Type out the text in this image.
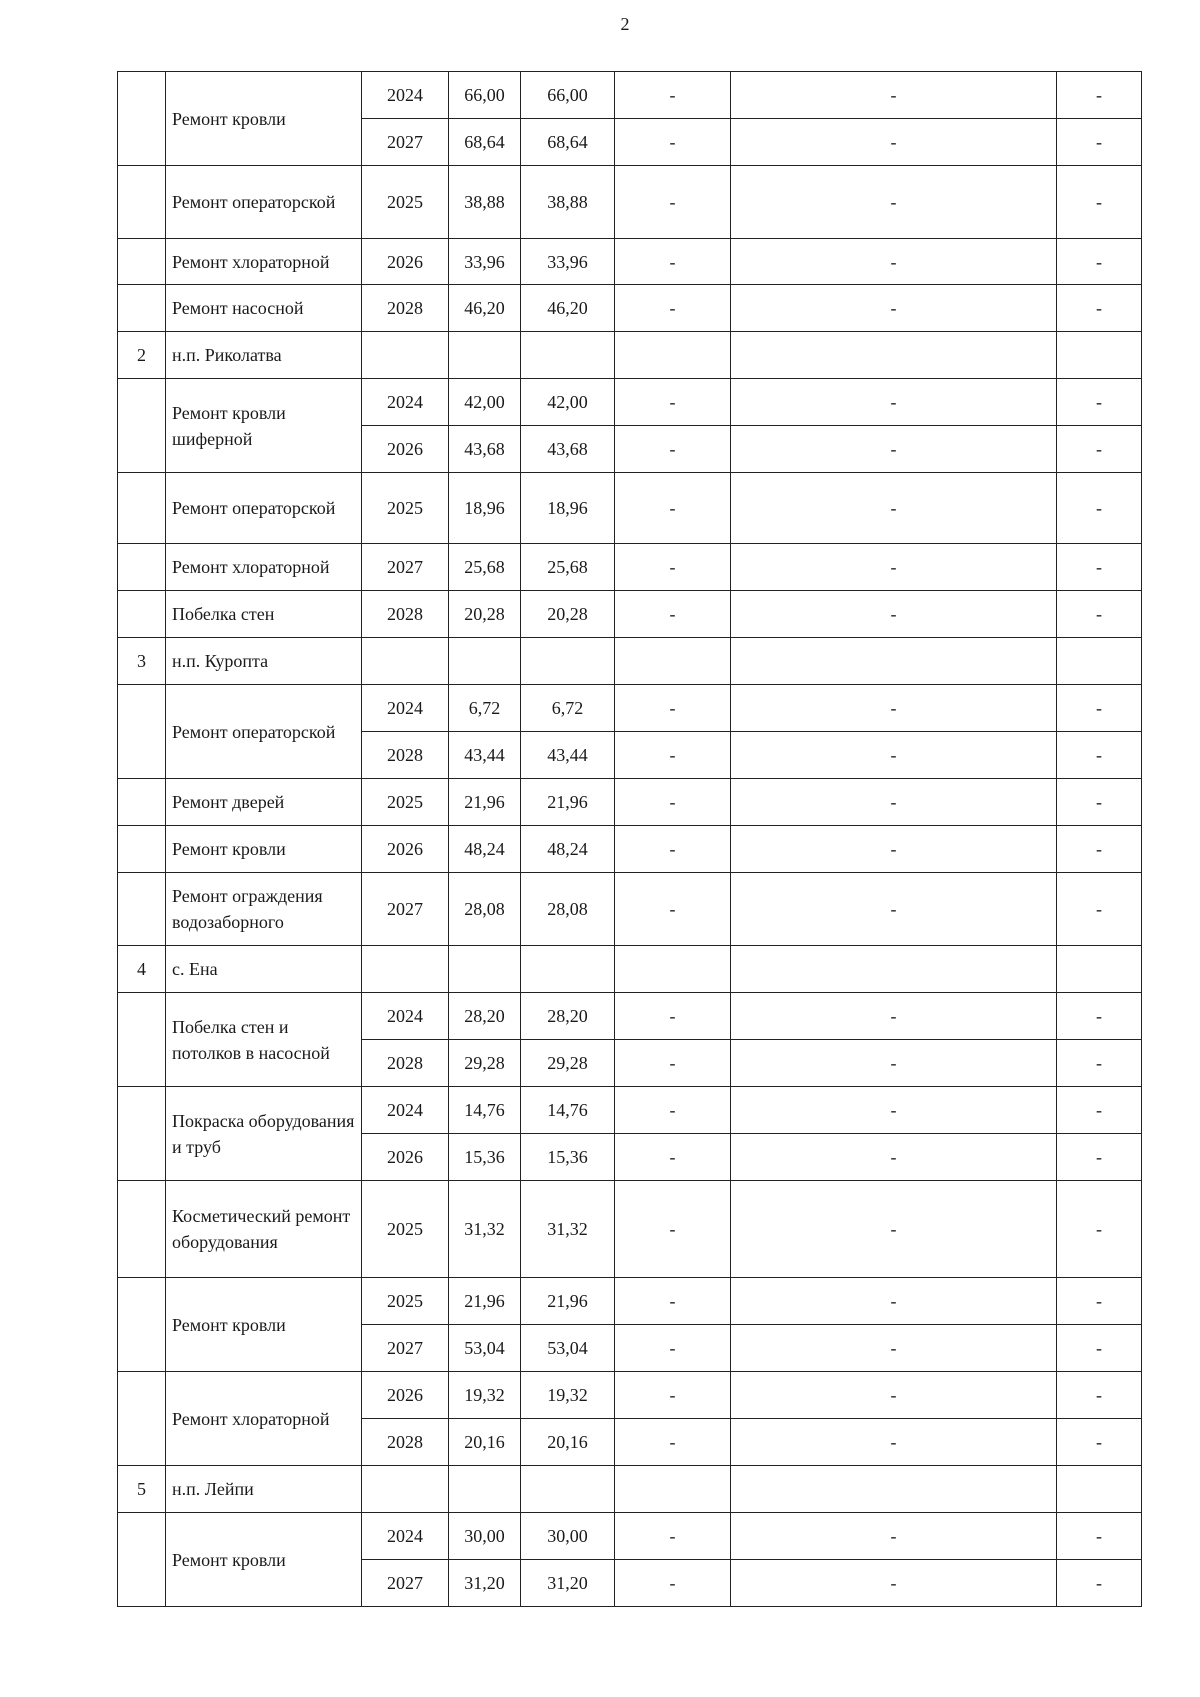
2
	Ремонт кровли	2024	66,00	66,00	-	-	-
		2027	68,64	68,64	-	-	-
	Ремонт операторской	2025	38,88	38,88	-	-	-
	Ремонт хлораторной	2026	33,96	33,96	-	-	-
	Ремонт насосной	2028	46,20	46,20	-	-	-
2	н.п. Риколатва						
	Ремонт кровли шиферной	2024	42,00	42,00	-	-	-
		2026	43,68	43,68	-	-	-
	Ремонт операторской	2025	18,96	18,96	-	-	-
	Ремонт хлораторной	2027	25,68	25,68	-	-	-
	Побелка стен	2028	20,28	20,28	-	-	-
3	н.п. Куропта						
	Ремонт операторской	2024	6,72	6,72	-	-	-
		2028	43,44	43,44	-	-	-
	Ремонт дверей	2025	21,96	21,96	-	-	-
	Ремонт кровли	2026	48,24	48,24	-	-	-
	Ремонт ограждения водозаборного	2027	28,08	28,08	-	-	-
4	с. Ена						
	Побелка стен и потолков в насосной	2024	28,20	28,20	-	-	-
		2028	29,28	29,28	-	-	-
	Покраска оборудования и труб	2024	14,76	14,76	-	-	-
		2026	15,36	15,36	-	-	-
	Косметический ремонт оборудования	2025	31,32	31,32	-	-	-
	Ремонт кровли	2025	21,96	21,96	-	-	-
		2027	53,04	53,04	-	-	-
	Ремонт хлораторной	2026	19,32	19,32	-	-	-
		2028	20,16	20,16	-	-	-
5	н.п. Лейпи						
	Ремонт кровли	2024	30,00	30,00	-	-	-
		2027	31,20	31,20	-	-	-
